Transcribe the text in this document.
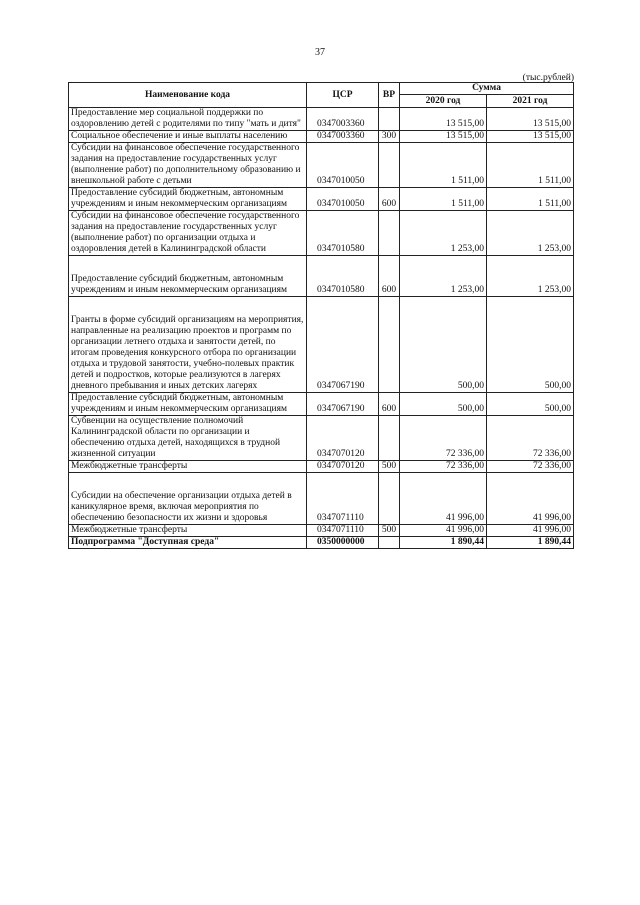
37
(тыс.рублей)
Наименование кода	ЦСР	ВР	Сумма	
			2020 год	2021 год
Предоставление мер социальной поддержки по оздоровлению детей с родителями по типу "мать и дитя"	0347003360		13 515,00	13 515,00
Социальное обеспечение и иные выплаты населению	0347003360	300	13 515,00	13 515,00
Субсидии на финансовое обеспечение государственного задания на предоставление государственных услуг (выполнение работ) по дополнительному образованию и внешкольной работе с детьми	0347010050		1 511,00	1 511,00
Предоставление субсидий бюджетным, автономным учреждениям и иным некоммерческим организациям	0347010050	600	1 511,00	1 511,00
Субсидии на финансовое обеспечение государственного задания на предоставление государственных услуг (выполнение работ) по организации отдыха и оздоровления детей в Калининградской области	0347010580		1 253,00	1 253,00
Предоставление субсидий бюджетным, автономным учреждениям и иным некоммерческим организациям	0347010580	600	1 253,00	1 253,00
Гранты в форме субсидий организациям на мероприятия, направленные на реализацию проектов и программ по организации летнего отдыха и занятости детей, по итогам проведения конкурсного отбора по организации отдыха и трудовой занятости, учебно-полевых практик детей и подростков, которые реализуются в лагерях дневного пребывания и иных детских лагерях	0347067190		500,00	500,00
Предоставление субсидий бюджетным, автономным учреждениям и иным некоммерческим организациям	0347067190	600	500,00	500,00
Субвенции на осуществление полномочий Калининградской области по организации и обеспечению отдыха детей, находящихся в трудной жизненной ситуации	0347070120		72 336,00	72 336,00
Межбюджетные трансферты	0347070120	500	72 336,00	72 336,00
Субсидии на обеспечение организации отдыха детей в каникулярное время, включая мероприятия по обеспечению безопасности их жизни и здоровья	0347071110		41 996,00	41 996,00
Межбюджетные трансферты	0347071110	500	41 996,00	41 996,00
Подпрограмма "Доступная среда"	0350000000		1 890,44	1 890,44
